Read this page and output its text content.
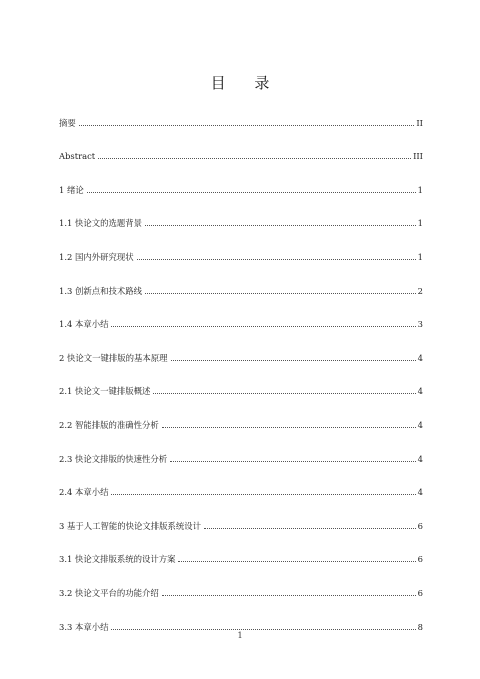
目 录
摘要	II
Abstract	III
1 绪论	1
1.1 快论文的选题背景	1
1.2 国内外研究现状	1
1.3 创新点和技术路线	2
1.4 本章小结	3
2 快论文一键排版的基本原理	4
2.1 快论文一键排版概述	4
2.2 智能排版的准确性分析	4
2.3 快论文排版的快速性分析	4
2.4 本章小结	4
3 基于人工智能的快论文排版系统设计	6
3.1 快论文排版系统的设计方案	6
3.2 快论文平台的功能介绍	6
3.3 本章小结	8
1
